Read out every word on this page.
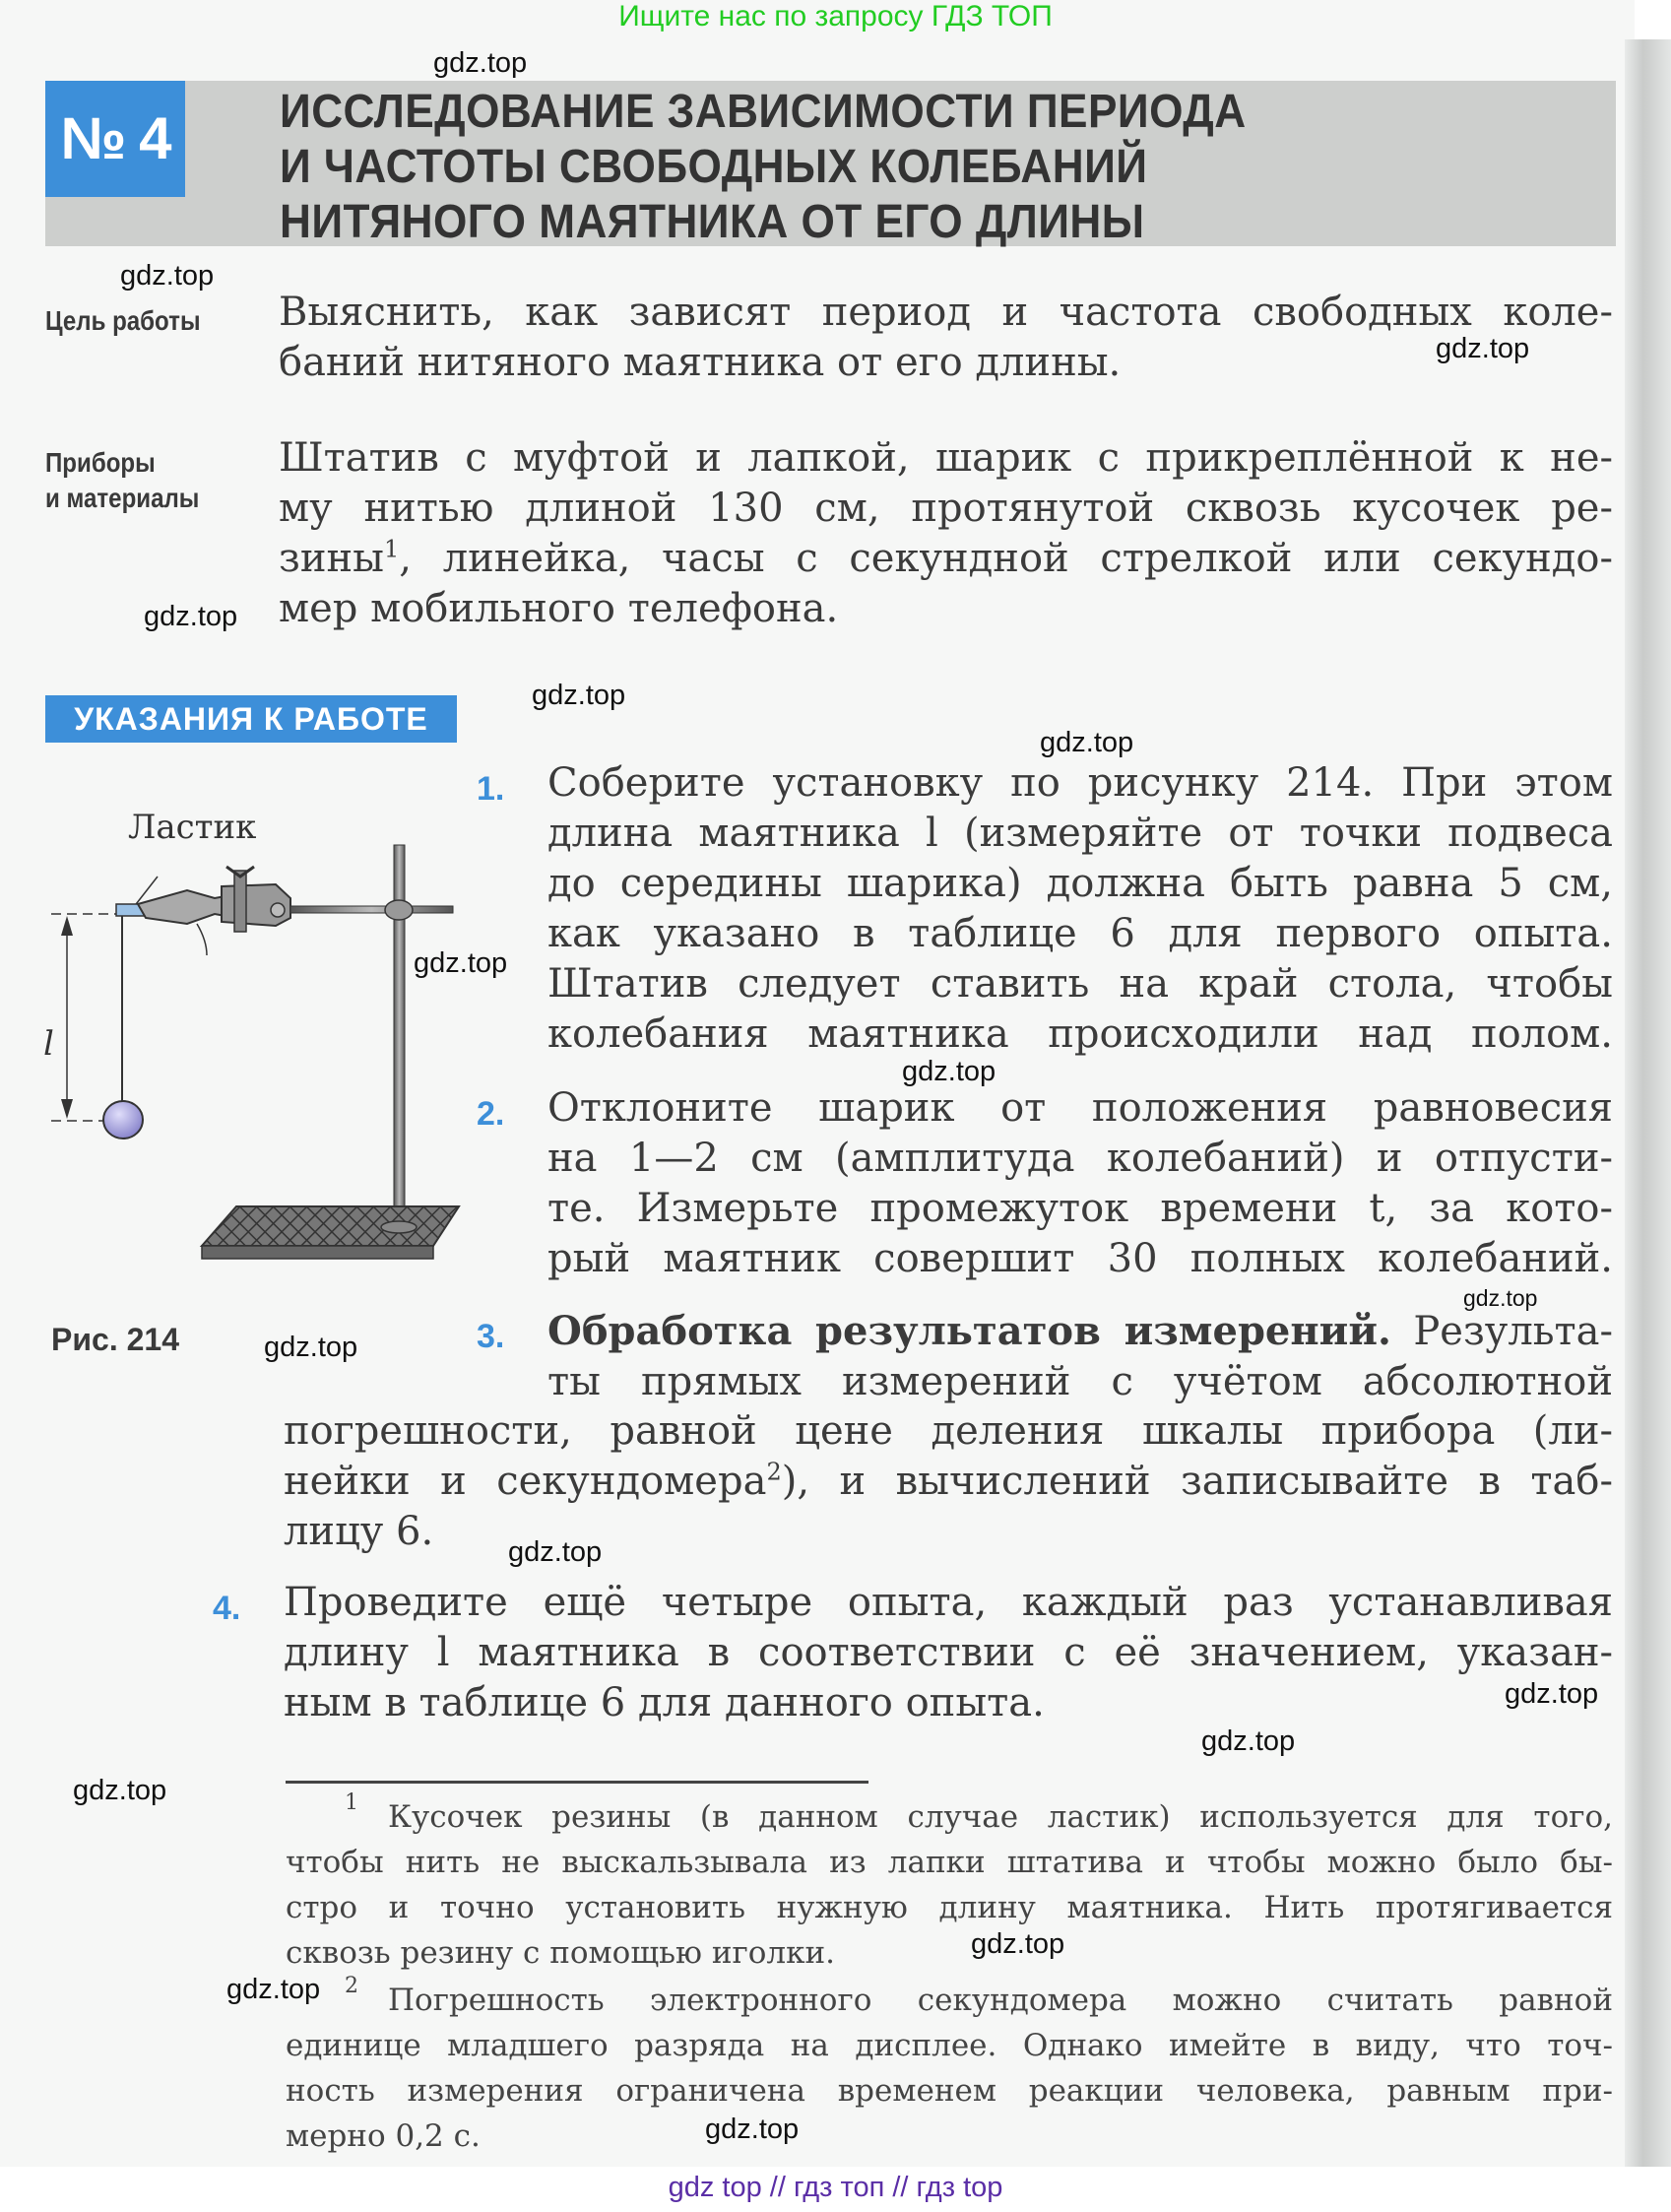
Ищите нас по запросу ГДЗ ТОП
№ 4	ИССЛЕДОВАНИЕ ЗАВИСИМОСТИ ПЕРИОДА
И ЧАСТОТЫ СВОБОДНЫХ КОЛЕБАНИЙ
НИТЯНОГО МАЯТНИКА ОТ ЕГО ДЛИНЫ
Цель работы Выяснить, как зависят период и частота свободных коле-
баний нитяного маятника от его длины.
Приборы
и материалы
Штатив с муфтой и лапкой, шарик с прикреплённой к не-
му нитью длиной 130 см, протянутой сквозь кусочек ре-
зины$^1$, линейка, часы с секундной стрелкой или секундо-
мер мобильного телефона.
УКАЗАНИЯ К РАБОТЕ
Ластик
l
Рис. 214
1. Соберите установку по рисунку 214. При этом
длина маятника l (измеряйте от точки подвеса
до середины шарика) должна быть равна 5 см,
как указано в таблице 6 для первого опыта.
Штатив следует ставить на край стола, чтобы
колебания маятника происходили над полом.
2. Отклоните шарик от положения равновесия
на 1—2 см (амплитуда колебаний) и отпусти-
те. Измерьте промежуток времени t, за кото-
рый маятник совершит 30 полных колебаний.
3. Обработка результатов измерений. Результа-
ты прямых измерений с учётом абсолютной
погрешности, равной цене деления шкалы прибора (ли-
нейки и секундомера$^2$), и вычислений записывайте в таб-
лицу 6.
4. Проведите ещё четыре опыта, каждый раз устанавливая
длину l маятника в соответствии с её значением, указан-
ным в таблице 6 для данного опыта.
1 Кусочек резины (в данном случае ластик) используется для того,
чтобы нить не выскальзывала из лапки штатива и чтобы можно было бы-
стро и точно установить нужную длину маятника. Нить протягивается
сквозь резину с помощью иголки.
2 Погрешность электронного секундомера можно считать равной
единице младшего разряда на дисплее. Однако имейте в виду, что точ-
ность измерения ограничена временем реакции человека, равным при-
мерно 0,2 с.
gdz.top
gdz.top
gdz.top
gdz.top
gdz.top
gdz.top
gdz.top
gdz.top
gdz.top
gdz.top
gdz.top
gdz.top
gdz.top
gdz.top
gdz.top
gdz.top
gdz.top
gdz top // гдз топ // гдз top
